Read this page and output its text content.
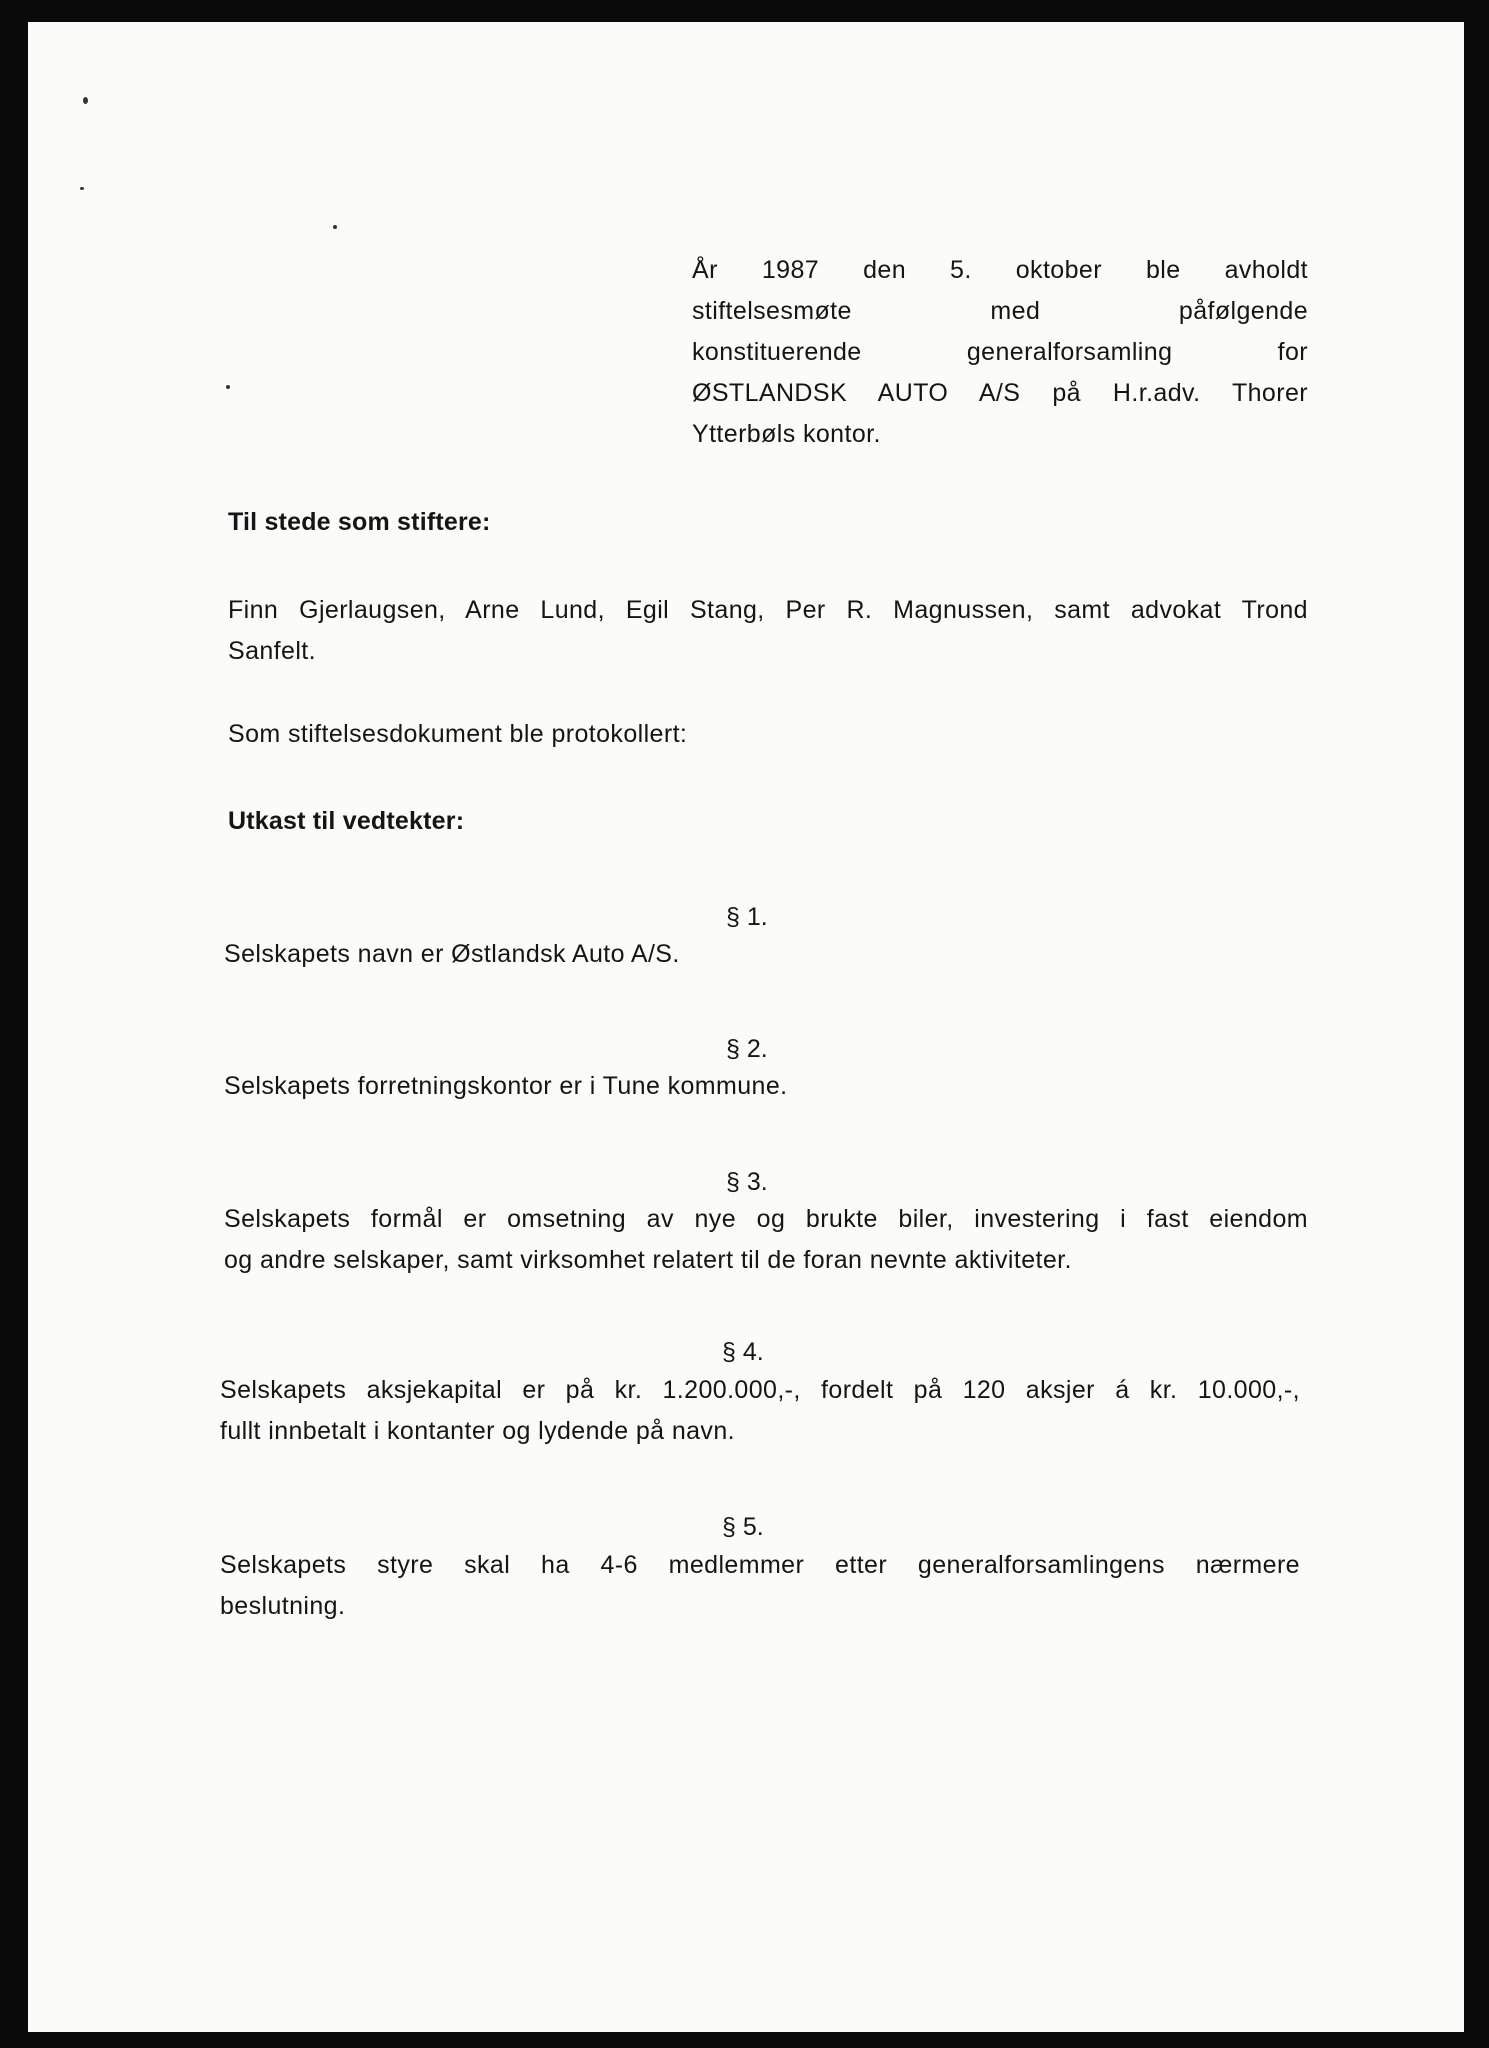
År 1987 den 5. oktober ble avholdt
stiftelsesmøte med påfølgende
konstituerende generalforsamling for
ØSTLANDSK AUTO A/S på H.r.adv. Thorer
Ytterbøls kontor.
Til stede som stiftere:
Finn Gjerlaugsen, Arne Lund, Egil Stang, Per R. Magnussen, samt advokat Trond
Sanfelt.
Som stiftelsesdokument ble protokollert:
Utkast til vedtekter:
§ 1.
Selskapets navn er Østlandsk Auto A/S.
§ 2.
Selskapets forretningskontor er i Tune kommune.
§ 3.
Selskapets formål er omsetning av nye og brukte biler, investering i fast eiendom
og andre selskaper, samt virksomhet relatert til de foran nevnte aktiviteter.
§ 4.
Selskapets aksjekapital er på kr. 1.200.000,-, fordelt på 120 aksjer á kr. 10.000,-,
fullt innbetalt i kontanter og lydende på navn.
§ 5.
Selskapets styre skal ha 4-6 medlemmer etter generalforsamlingens nærmere
beslutning.
